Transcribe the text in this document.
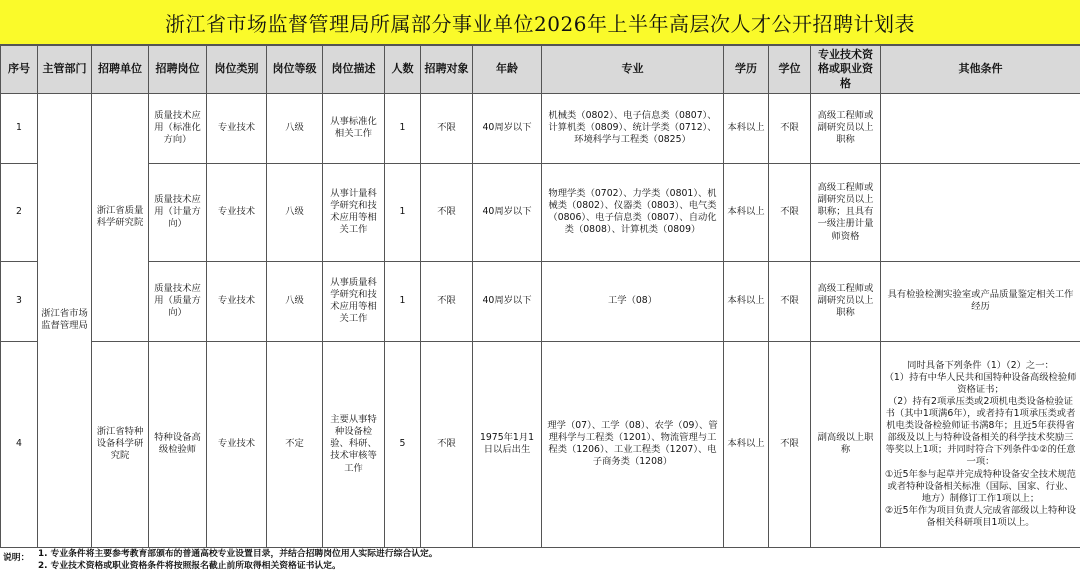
浙江省市场监督管理局所属部分事业单位2026年上半年高层次人才公开招聘计划表
序号	主管部门	招聘单位	招聘岗位	岗位类别	岗位等级	岗位描述	人数	招聘对象	年龄	专业	学历	学位	专业技术资格或职业资格	其他条件
1	浙江省市场监督管理局	浙江省质量科学研究院	质量技术应用（标准化方向）	专业技术	八级	从事标准化相关工作	1	不限	40周岁以下	机械类（0802）、电子信息类（0807）、计算机类（0809）、统计学类（0712）、环境科学与工程类（0825）	本科以上	不限	高级工程师或副研究员以上职称	
2			质量技术应用（计量方向）	专业技术	八级	从事计量科学研究和技术应用等相关工作	1	不限	40周岁以下	物理学类（0702）、力学类（0801）、机械类（0802）、仪器类（0803）、电气类（0806）、电子信息类（0807）、自动化类（0808）、计算机类（0809）	本科以上	不限	高级工程师或副研究员以上职称；且具有一级注册计量师资格	
3			质量技术应用（质量方向）	专业技术	八级	从事质量科学研究和技术应用等相关工作	1	不限	40周岁以下	工学（08）	本科以上	不限	高级工程师或副研究员以上职称	具有检验检测实验室或产品质量鉴定相关工作经历
4		浙江省特种设备科学研究院	特种设备高级检验师	专业技术	不定	主要从事特种设备检验、科研、技术审核等工作	5	不限	1975年1月1日以后出生	理学（07）、工学（08）、农学（09）、管理科学与工程类（1201）、物流管理与工程类（1206）、工业工程类（1207）、电子商务类（1208）	本科以上	不限	副高级以上职称	同时具备下列条件（1）（2）之一：
（1）持有中华人民共和国特种设备高级检验师资格证书；
（2）持有2项承压类或2项机电类设备检验证书（其中1项满6年），或者持有1项承压类或者机电类设备检验师证书满8年；且近5年获得省部级及以上与特种设备相关的科学技术奖励三等奖以上1项；并同时符合下列条件①②的任意一项：
①近5年参与起草并完成特种设备安全技术规范或者特种设备相关标准（国际、国家、行业、地方）制修订工作1项以上；
②近5年作为项目负责人完成省部级以上特种设备相关科研项目1项以上。
说明： 1. 专业条件将主要参考教育部颁布的普通高校专业设置目录，并结合招聘岗位用人实际进行综合认定。
2. 专业技术资格或职业资格条件将按照报名截止前所取得相关资格证书认定。
